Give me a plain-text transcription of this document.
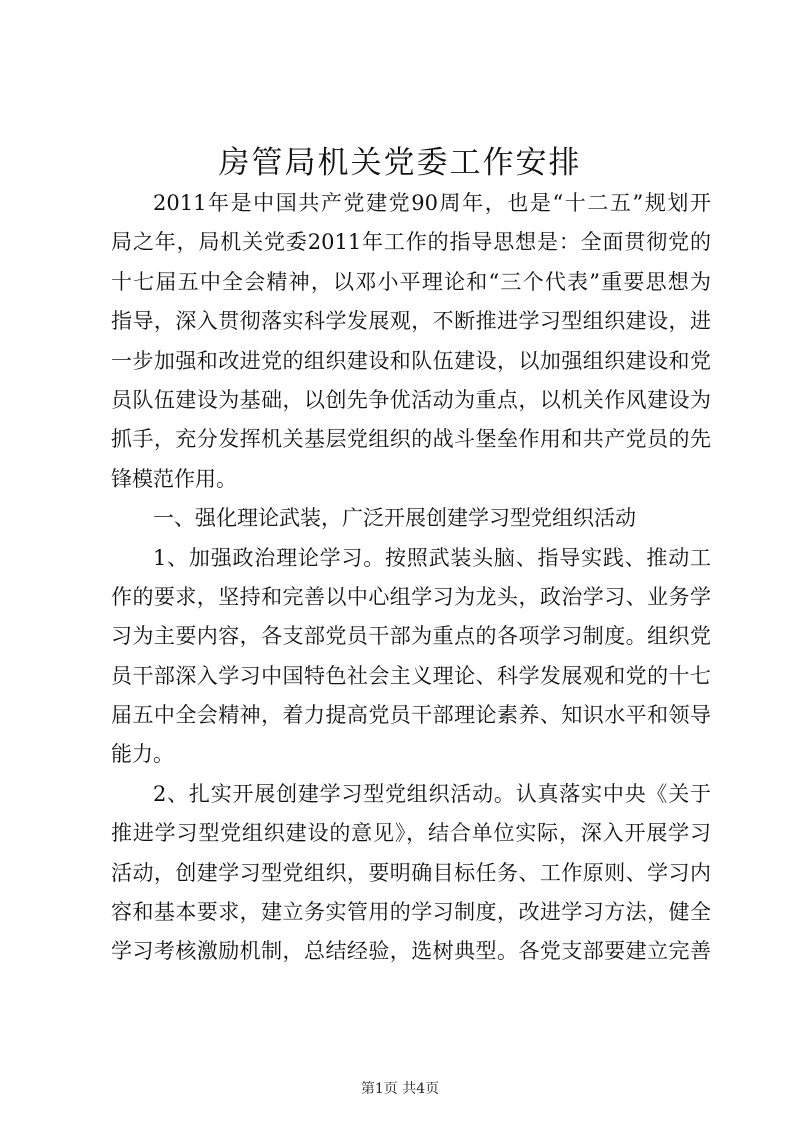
房管局机关党委工作安排
2011年是中国共产党建党90周年，也是“十二五”规划开
局之年，局机关党委2011年工作的指导思想是：全面贯彻党的
十七届五中全会精神，以邓小平理论和“三个代表”重要思想为
指导，深入贯彻落实科学发展观，不断推进学习型组织建设，进
一步加强和改进党的组织建设和队伍建设，以加强组织建设和党
员队伍建设为基础，以创先争优活动为重点，以机关作风建设为
抓手，充分发挥机关基层党组织的战斗堡垒作用和共产党员的先
锋模范作用。
一、强化理论武装，广泛开展创建学习型党组织活动
1、加强政治理论学习。按照武装头脑、指导实践、推动工
作的要求，坚持和完善以中心组学习为龙头，政治学习、业务学
习为主要内容，各支部党员干部为重点的各项学习制度。组织党
员干部深入学习中国特色社会主义理论、科学发展观和党的十七
届五中全会精神，着力提高党员干部理论素养、知识水平和领导
能力。
2、扎实开展创建学习型党组织活动。认真落实中央《关于
推进学习型党组织建设的意见》，结合单位实际，深入开展学习
活动，创建学习型党组织，要明确目标任务、工作原则、学习内
容和基本要求，建立务实管用的学习制度，改进学习方法，健全
学习考核激励机制，总结经验，选树典型。各党支部要建立完善
第1页 共4页
